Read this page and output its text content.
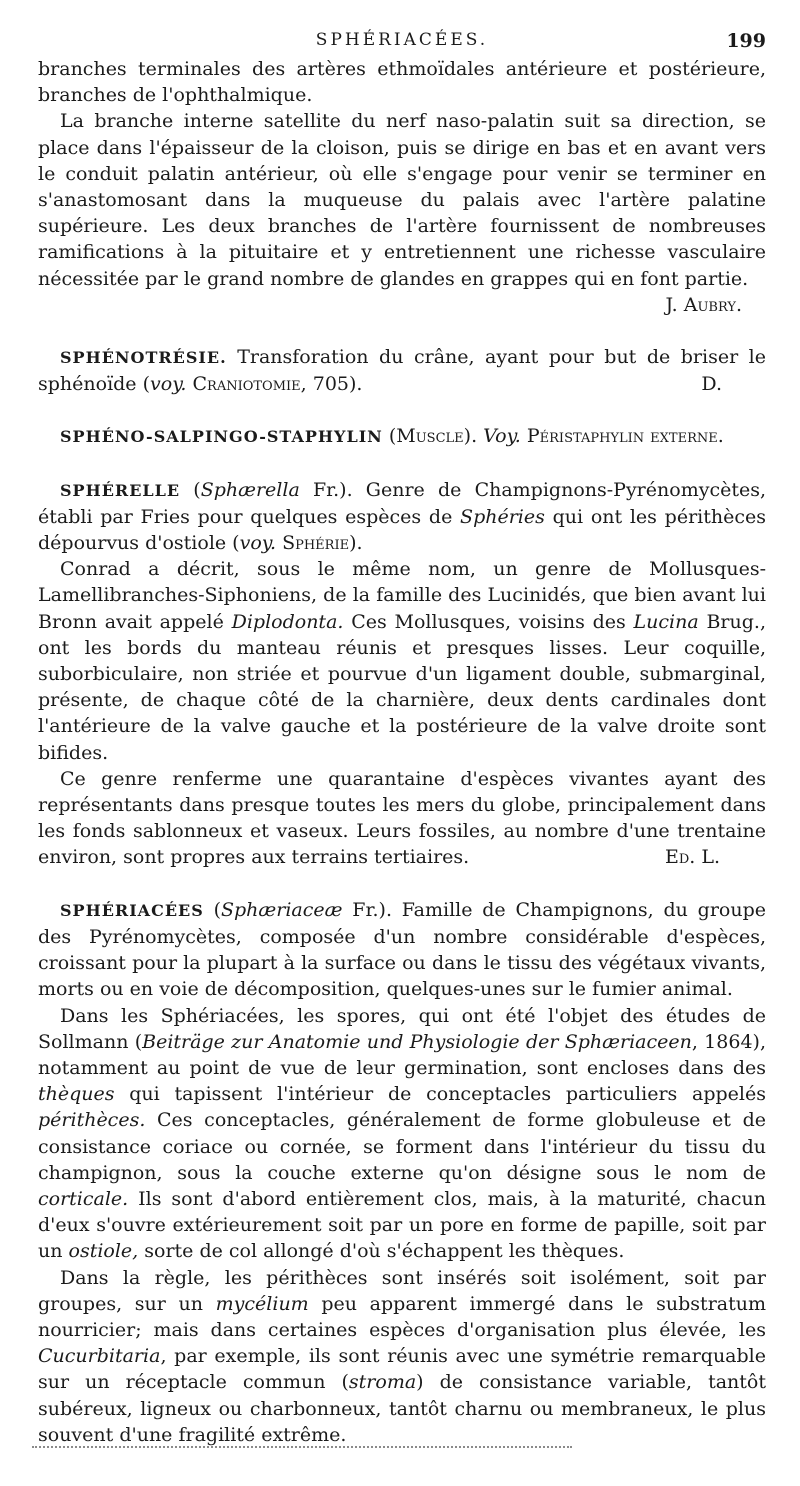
SPHÉRIACÉES.	199

branches terminales des artères ethmoïdales antérieure et postérieure, branches de l'ophthalmique.

La branche interne satellite du nerf naso-palatin suit sa direction, se place dans l'épaisseur de la cloison, puis se dirige en bas et en avant vers le conduit palatin antérieur, où elle s'engage pour venir se terminer en s'anastomosant dans la muqueuse du palais avec l'artère palatine supérieure. Les deux branches de l'artère fournissent de nombreuses ramifications à la pituitaire et y entretiennent une richesse vasculaire nécessitée par le grand nombre de glandes en grappes qui en font partie.
J. Aubry.

SPHÉNOTRÉSIE. Transforation du crâne, ayant pour but de briser le sphénoïde (voy. Craniotomie, 705).	D.

SPHÉNO-SALPINGO-STAPHYLIN (Muscle). Voy. Péristaphylin externe.

SPHÉRELLE (Sphærella Fr.). Genre de Champignons-Pyrénomycètes, établi par Fries pour quelques espèces de Sphéries qui ont les périthèces dépourvus d'ostiole (voy. Sphérie).

Conrad a décrit, sous le même nom, un genre de Mollusques-Lamellibranches-Siphoniens, de la famille des Lucinidés, que bien avant lui Bronn avait appelé Diplodonta. Ces Mollusques, voisins des Lucina Brug., ont les bords du manteau réunis et presques lisses. Leur coquille, suborbiculaire, non striée et pourvue d'un ligament double, submarginal, présente, de chaque côté de la charnière, deux dents cardinales dont l'antérieure de la valve gauche et la postérieure de la valve droite sont bifides.

Ce genre renferme une quarantaine d'espèces vivantes ayant des représentants dans presque toutes les mers du globe, principalement dans les fonds sablonneux et vaseux. Leurs fossiles, au nombre d'une trentaine environ, sont propres aux terrains tertiaires.	Ed. L.

SPHÉRIACÉES (Sphæriaceæ Fr.). Famille de Champignons, du groupe des Pyrénomycètes, composée d'un nombre considérable d'espèces, croissant pour la plupart à la surface ou dans le tissu des végétaux vivants, morts ou en voie de décomposition, quelques-unes sur le fumier animal.

Dans les Sphériacées, les spores, qui ont été l'objet des études de Sollmann (Beiträge zur Anatomie und Physiologie der Sphæriaceen, 1864), notamment au point de vue de leur germination, sont encloses dans des thèques qui tapissent l'intérieur de conceptacles particuliers appelés périthèces. Ces conceptacles, généralement de forme globuleuse et de consistance coriace ou cornée, se forment dans l'intérieur du tissu du champignon, sous la couche externe qu'on désigne sous le nom de corticale. Ils sont d'abord entièrement clos, mais, à la maturité, chacun d'eux s'ouvre extérieurement soit par un pore en forme de papille, soit par un ostiole, sorte de col allongé d'où s'échappent les thèques.

Dans la règle, les périthèces sont insérés soit isolément, soit par groupes, sur un mycélium peu apparent immergé dans le substratum nourricier; mais dans certaines espèces d'organisation plus élevée, les Cucurbitaria, par exemple, ils sont réunis avec une symétrie remarquable sur un réceptacle commun (stroma) de consistance variable, tantôt subéreux, ligneux ou charbonneux, tantôt charnu ou membraneux, le plus souvent d'une fragilité extrême.
